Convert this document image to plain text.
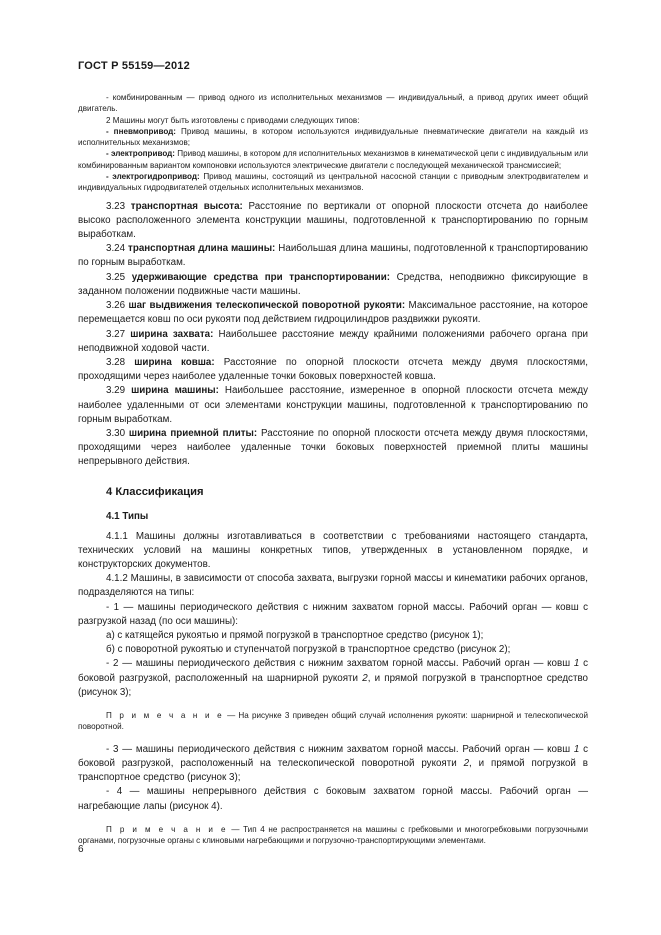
ГОСТ Р 55159—2012

- комбинированным — привод одного из исполнительных механизмов — индивидуальный, а привод других имеет общий двигатель.

2 Машины могут быть изготовлены с приводами следующих типов:

- пневмопривод: Привод машины, в котором используются индивидуальные пневматические двигатели на каждый из исполнительных механизмов;

- электропривод: Привод машины, в котором для исполнительных механизмов в кинематической цепи с индивидуальным или комбинированным вариантом компоновки используются электрические двигатели с последующей механической трансмиссией;

- электрогидропривод: Привод машины, состоящий из центральной насосной станции с приводным электродвигателем и индивидуальных гидродвигателей отдельных исполнительных механизмов.

3.23 транспортная высота: Расстояние по вертикали от опорной плоскости отсчета до наиболее высоко расположенного элемента конструкции машины, подготовленной к транспортированию по горным выработкам.

3.24 транспортная длина машины: Наибольшая длина машины, подготовленной к транспортированию по горным выработкам.

3.25 удерживающие средства при транспортировании: Средства, неподвижно фиксирующие в заданном положении подвижные части машины.

3.26 шаг выдвижения телескопической поворотной рукояти: Максимальное расстояние, на которое перемещается ковш по оси рукояти под действием гидроцилиндров раздвижки рукояти.

3.27 ширина захвата: Наибольшее расстояние между крайними положениями рабочего органа при неподвижной ходовой части.

3.28 ширина ковша: Расстояние по опорной плоскости отсчета между двумя плоскостями, проходящими через наиболее удаленные точки боковых поверхностей ковша.

3.29 ширина машины: Наибольшее расстояние, измеренное в опорной плоскости отсчета между наиболее удаленными от оси элементами конструкции машины, подготовленной к транспортированию по горным выработкам.

3.30 ширина приемной плиты: Расстояние по опорной плоскости отсчета между двумя плоскостями, проходящими через наиболее удаленные точки боковых поверхностей приемной плиты машины непрерывного действия.

4 Классификация
4.1 Типы

4.1.1 Машины должны изготавливаться в соответствии с требованиями настоящего стандарта, технических условий на машины конкретных типов, утвержденных в установленном порядке, и конструкторских документов.

4.1.2 Машины, в зависимости от способа захвата, выгрузки горной массы и кинематики рабочих органов, подразделяются на типы:

- 1 — машины периодического действия с нижним захватом горной массы. Рабочий орган — ковш с разгрузкой назад (по оси машины):

а) с катящейся рукоятью и прямой погрузкой в транспортное средство (рисунок 1);

б) с поворотной рукоятью и ступенчатой погрузкой в транспортное средство (рисунок 2);

- 2 — машины периодического действия с нижним захватом горной массы. Рабочий орган — ковш 1 с боковой разгрузкой, расположенный на шарнирной рукояти 2, и прямой погрузкой в транспортное средство (рисунок 3);

П р и м е ч а н и е — На рисунке 3 приведен общий случай исполнения рукояти: шарнирной и телескопической поворотной.

- 3 — машины периодического действия с нижним захватом горной массы. Рабочий орган — ковш 1 с боковой разгрузкой, расположенный на телескопической поворотной рукояти 2, и прямой погрузкой в транспортное средство (рисунок 3);

- 4 — машины непрерывного действия с боковым захватом горной массы. Рабочий орган — нагребающие лапы (рисунок 4).

П р и м е ч а н и е — Тип 4 не распространяется на машины с гребковыми и многогребковыми погрузочными органами, погрузочные органы с клиновыми нагребающими и погрузочно-транспортирующими элементами.

6
